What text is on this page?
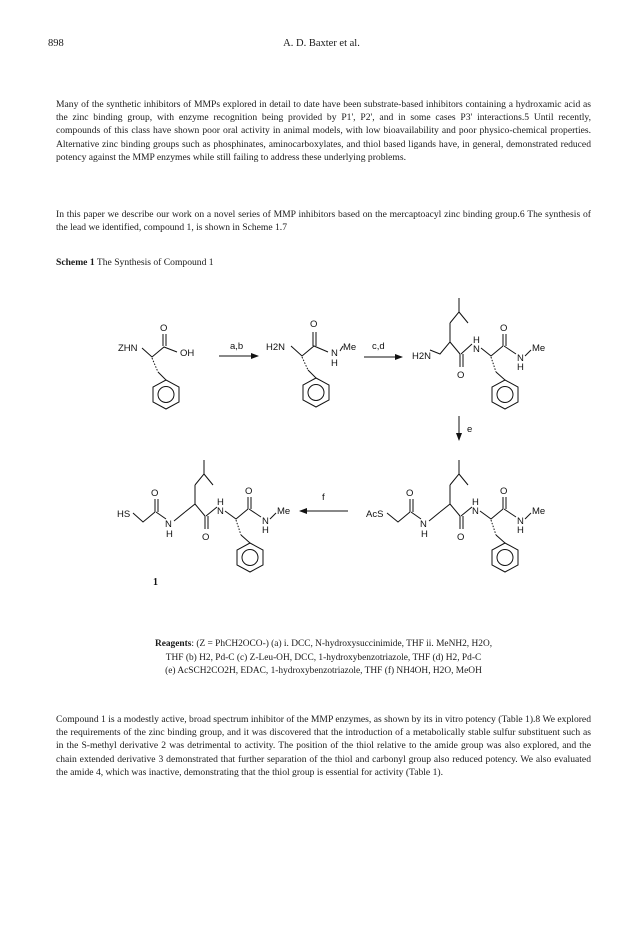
898	A. D. Baxter et al.

Many of the synthetic inhibitors of MMPs explored in detail to date have been substrate-based inhibitors containing a hydroxamic acid as the zinc binding group, with enzyme recognition being provided by P1', P2', and in some cases P3' interactions.5 Until recently, compounds of this class have shown poor oral activity in animal models, with low bioavailability and poor physico-chemical properties. Alternative zinc binding groups such as phosphinates, aminocarboxylates, and thiol based ligands have, in general, demonstrated reduced potency against the MMP enzymes while still failing to address these underlying problems.

In this paper we describe our work on a novel series of MMP inhibitors based on the mercaptoacyl zinc binding group.6 The synthesis of the lead we identified, compound 1, is shown in Scheme 1.7

Scheme 1 The Synthesis of Compound 1
ZHN
O
OH
a,b H2N
O
N
H
Me c,d
H2N
O
H
N
O
N
H
Me
e
AcS
O
N
H	O
H
N
O
N
H
Me
f
HS
O
N
H	O
H
N
O
N
H
Me
1
Reagents: (Z = PhCH2OCO-) (a) i. DCC, N-hydroxysuccinimide, THF ii. MeNH2, H2O,
THF (b) H2, Pd-C (c) Z-Leu-OH, DCC, 1-hydroxybenzotriazole, THF (d) H2, Pd-C
(e) AcSCH2CO2H, EDAC, 1-hydroxybenzotriazole, THF (f) NH4OH, H2O, MeOH

Compound 1 is a modestly active, broad spectrum inhibitor of the MMP enzymes, as shown by its in vitro potency (Table 1).8 We explored the requirements of the zinc binding group, and it was discovered that the introduction of a metabolically stable sulfur substituent such as in the S-methyl derivative 2 was detrimental to activity. The position of the thiol relative to the amide group was also explored, and the chain extended derivative 3 demonstrated that further separation of the thiol and carbonyl group also reduced potency. We also evaluated the amide 4, which was inactive, demonstrating that the thiol group is essential for activity (Table 1).
